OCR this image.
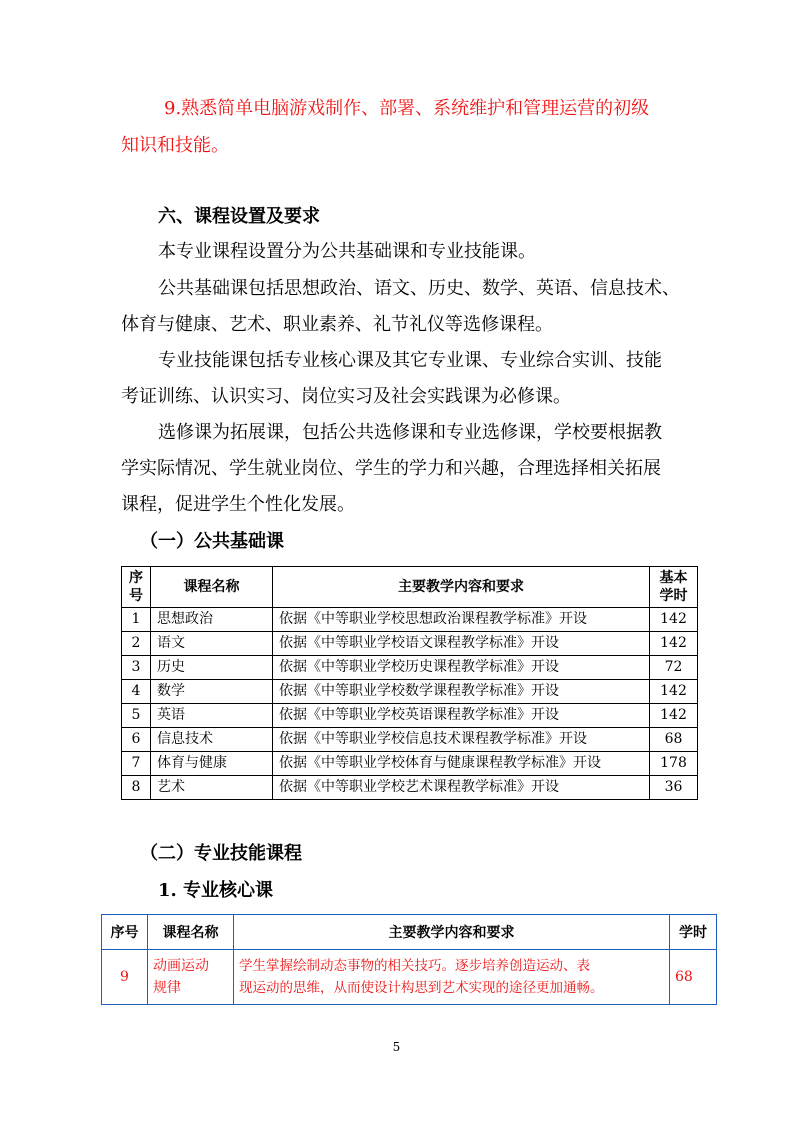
9.熟悉简单电脑游戏制作、部署、系统维护和管理运营的初级
知识和技能。
六、课程设置及要求
本专业课程设置分为公共基础课和专业技能课。
公共基础课包括思想政治、语文、历史、数学、英语、信息技术、
体育与健康、艺术、职业素养、礼节礼仪等选修课程。
专业技能课包括专业核心课及其它专业课、专业综合实训、技能
考证训练、认识实习、岗位实习及社会实践课为必修课。
选修课为拓展课，包括公共选修课和专业选修课，学校要根据教
学实际情况、学生就业岗位、学生的学力和兴趣，合理选择相关拓展
课程，促进学生个性化发展。
（一）公共基础课
序
号	课程名称	主要教学内容和要求	基本
学时
1	思想政治	依据《中等职业学校思想政治课程教学标准》开设	142
2	语文	依据《中等职业学校语文课程教学标准》开设	142
3	历史	依据《中等职业学校历史课程教学标准》开设	72
4	数学	依据《中等职业学校数学课程教学标准》开设	142
5	英语	依据《中等职业学校英语课程教学标准》开设	142
6	信息技术	依据《中等职业学校信息技术课程教学标准》开设	68
7	体育与健康	依据《中等职业学校体育与健康课程教学标准》开设	178
8	艺术	依据《中等职业学校艺术课程教学标准》开设	36
（二）专业技能课程
1. 专业核心课
序号	课程名称	主要教学内容和要求	学时
9	动画运动
规律	学生掌握绘制动态事物的相关技巧。逐步培养创造运动、表
现运动的思维，从而使设计构思到艺术实现的途径更加通畅。	68
5
